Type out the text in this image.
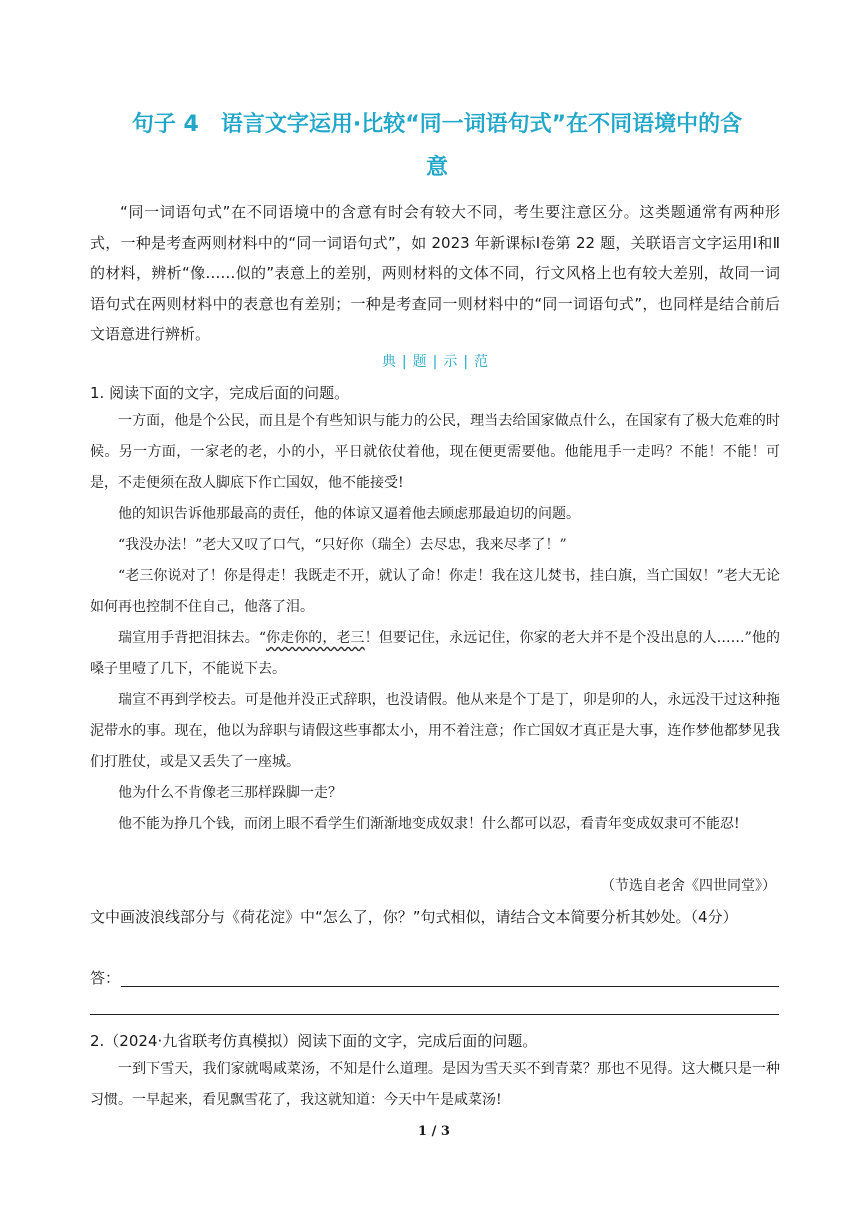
句子 4　语言文字运用·比较“同一词语句式”在不同语境中的含
意

“同一词语句式”在不同语境中的含意有时会有较大不同，考生要注意区分。这类题通常有两种形式，一种是考查两则材料中的“同一词语句式”，如 2023 年新课标Ⅰ卷第 22 题，关联语言文字运用Ⅰ和Ⅱ的材料，辨析“像……似的”表意上的差别，两则材料的文体不同，行文风格上也有较大差别，故同一词语句式在两则材料中的表意也有差别；一种是考查同一则材料中的“同一词语句式”，也同样是结合前后文语意进行辨析。

典 | 题 | 示 | 范
1. 阅读下面的文字，完成后面的问题。

一方面，他是个公民，而且是个有些知识与能力的公民，理当去给国家做点什么，在国家有了极大危难的时候。另一方面，一家老的老，小的小，平日就依仗着他，现在便更需要他。他能甩手一走吗？不能！不能！可是，不走便须在敌人脚底下作亡国奴，他不能接受!

他的知识告诉他那最高的责任，他的体谅又逼着他去顾虑那最迫切的问题。

“我没办法！”老大又叹了口气，“只好你（瑞全）去尽忠，我来尽孝了！”

“老三你说对了！你是得走！我既走不开，就认了命！你走！我在这儿焚书，挂白旗，当亡国奴！”老大无论如何再也控制不住自己，他落了泪。

瑞宣用手背把泪抹去。“你走你的，老三！但要记住，永远记住，你家的老大并不是个没出息的人……”他的嗓子里噎了几下，不能说下去。

瑞宣不再到学校去。可是他并没正式辞职，也没请假。他从来是个丁是丁，卯是卯的人，永远没干过这种拖泥带水的事。现在，他以为辞职与请假这些事都太小，用不着注意；作亡国奴才真正是大事，连作梦他都梦见我们打胜仗，或是又丢失了一座城。

他为什么不肯像老三那样跺脚一走？

他不能为挣几个钱，而闭上眼不看学生们渐渐地变成奴隶！什么都可以忍，看青年变成奴隶可不能忍!

（节选自老舍《四世同堂》）
文中画波浪线部分与《荷花淀》中“怎么了，你？”句式相似，请结合文本简要分析其妙处。（4分）
答：
2.（2024·九省联考仿真模拟）阅读下面的文字，完成后面的问题。

一到下雪天，我们家就喝咸菜汤，不知是什么道理。是因为雪天买不到青菜？那也不见得。这大概只是一种习惯。一早起来，看见飘雪花了，我这就知道：今天中午是咸菜汤!

1 / 3
